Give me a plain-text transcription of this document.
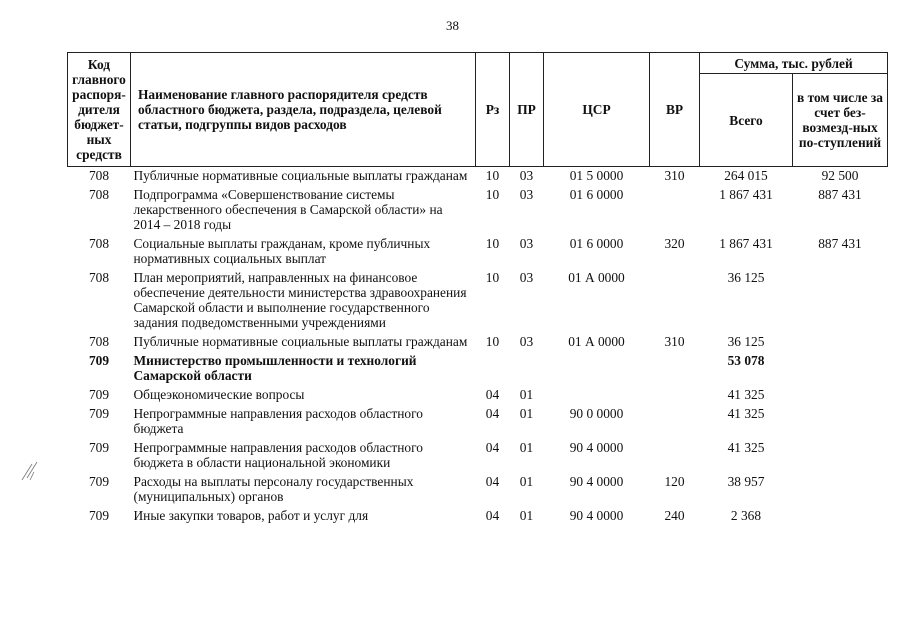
38
Код главного распоря-дителя бюджет-ных средств	Наименование главного распорядителя средств областного бюджета, раздела, подраздела, целевой статьи, подгруппы видов расходов	Рз	ПР	ЦСР	ВР	Сумма, тыс. рублей	
						Всего	в том числе за счет без-возмезд-ных по-ступлений
708	Публичные нормативные социальные выплаты гражданам	10	03	01 5 0000	310	264 015	92 500
708	Подпрограмма «Совершенствование системы лекарственного обеспечения в Самарской области» на 2014 – 2018 годы	10	03	01 6 0000		1 867 431	887 431
708	Социальные выплаты гражданам, кроме публичных нормативных социальных выплат	10	03	01 6 0000	320	1 867 431	887 431
708	План мероприятий, направленных на финансовое обеспечение деятельности министерства здравоохранения Самарской области и выполнение государственного задания подведомственными учреждениями	10	03	01 А 0000		36 125	
708	Публичные нормативные социальные выплаты гражданам	10	03	01 А 0000	310	36 125	
709	Министерство промышленности и технологий Самарской области					53 078	
709	Общеэкономические вопросы	04	01			41 325	
709	Непрограммные направления расходов областного бюджета	04	01	90 0 0000		41 325	
709	Непрограммные направления расходов областного бюджета в области национальной экономики	04	01	90 4 0000		41 325	
709	Расходы на выплаты персоналу государственных (муниципальных) органов	04	01	90 4 0000	120	38 957	
709	Иные закупки товаров, работ и услуг для	04	01	90 4 0000	240	2 368	
